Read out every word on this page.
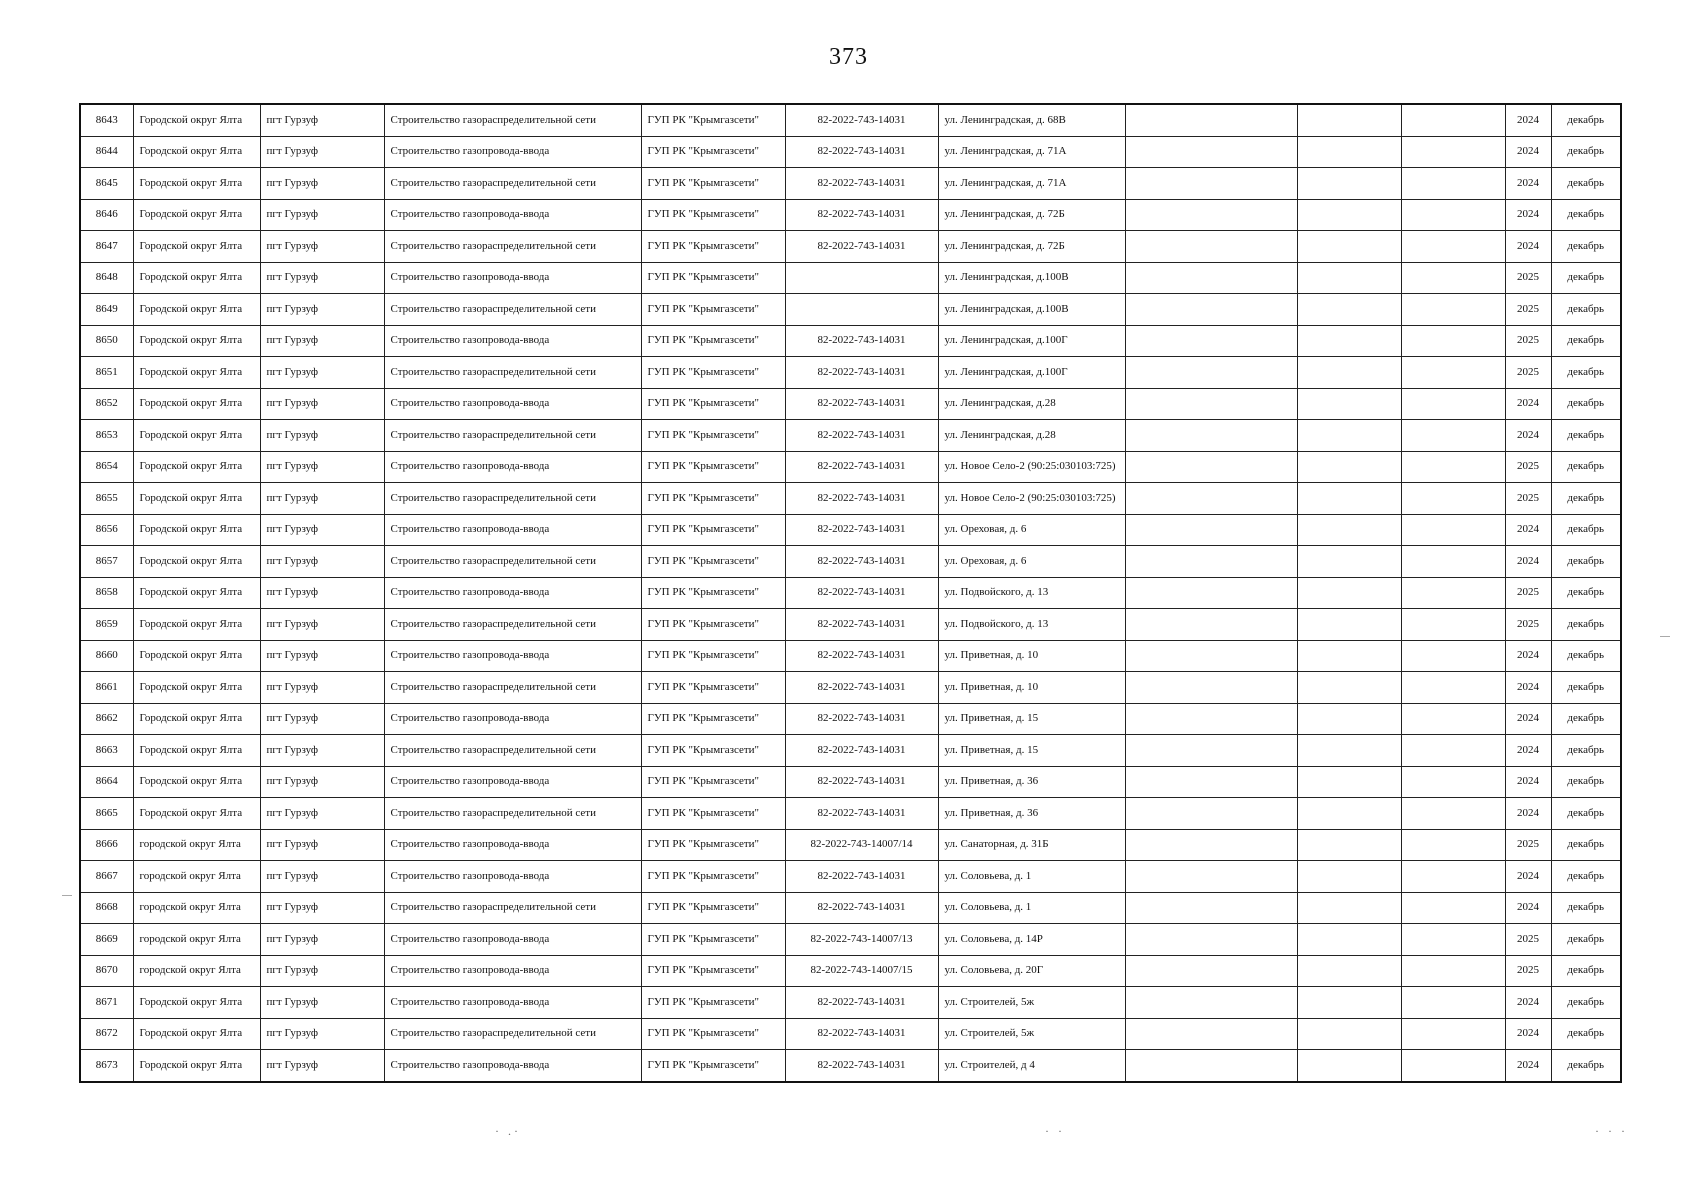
373
8643	Городской округ Ялта	пгт Гурзуф	Строительство газораспределительной сети	ГУП РК "Крымгазсети"	82-2022-743-14031	ул. Ленинградская, д. 68В				2024	декабрь
8644	Городской округ Ялта	пгт Гурзуф	Строительство газопровода-ввода	ГУП РК "Крымгазсети"	82-2022-743-14031	ул. Ленинградская, д. 71А				2024	декабрь
8645	Городской округ Ялта	пгт Гурзуф	Строительство газораспределительной сети	ГУП РК "Крымгазсети"	82-2022-743-14031	ул. Ленинградская, д. 71А				2024	декабрь
8646	Городской округ Ялта	пгт Гурзуф	Строительство газопровода-ввода	ГУП РК "Крымгазсети"	82-2022-743-14031	ул. Ленинградская, д. 72Б				2024	декабрь
8647	Городской округ Ялта	пгт Гурзуф	Строительство газораспределительной сети	ГУП РК "Крымгазсети"	82-2022-743-14031	ул. Ленинградская, д. 72Б				2024	декабрь
8648	Городской округ Ялта	пгт Гурзуф	Строительство газопровода-ввода	ГУП РК "Крымгазсети"		ул. Ленинградская, д.100В				2025	декабрь
8649	Городской округ Ялта	пгт Гурзуф	Строительство газораспределительной сети	ГУП РК "Крымгазсети"		ул. Ленинградская, д.100В				2025	декабрь
8650	Городской округ Ялта	пгт Гурзуф	Строительство газопровода-ввода	ГУП РК "Крымгазсети"	82-2022-743-14031	ул. Ленинградская, д.100Г				2025	декабрь
8651	Городской округ Ялта	пгт Гурзуф	Строительство газораспределительной сети	ГУП РК "Крымгазсети"	82-2022-743-14031	ул. Ленинградская, д.100Г				2025	декабрь
8652	Городской округ Ялта	пгт Гурзуф	Строительство газопровода-ввода	ГУП РК "Крымгазсети"	82-2022-743-14031	ул. Ленинградская, д.28				2024	декабрь
8653	Городской округ Ялта	пгт Гурзуф	Строительство газораспределительной сети	ГУП РК "Крымгазсети"	82-2022-743-14031	ул. Ленинградская, д.28				2024	декабрь
8654	Городской округ Ялта	пгт Гурзуф	Строительство газопровода-ввода	ГУП РК "Крымгазсети"	82-2022-743-14031	ул. Новое Село-2 (90:25:030103:725)				2025	декабрь
8655	Городской округ Ялта	пгт Гурзуф	Строительство газораспределительной сети	ГУП РК "Крымгазсети"	82-2022-743-14031	ул. Новое Село-2 (90:25:030103:725)				2025	декабрь
8656	Городской округ Ялта	пгт Гурзуф	Строительство газопровода-ввода	ГУП РК "Крымгазсети"	82-2022-743-14031	ул. Ореховая, д. 6				2024	декабрь
8657	Городской округ Ялта	пгт Гурзуф	Строительство газораспределительной сети	ГУП РК "Крымгазсети"	82-2022-743-14031	ул. Ореховая, д. 6				2024	декабрь
8658	Городской округ Ялта	пгт Гурзуф	Строительство газопровода-ввода	ГУП РК "Крымгазсети"	82-2022-743-14031	ул. Подвойского, д. 13				2025	декабрь
8659	Городской округ Ялта	пгт Гурзуф	Строительство газораспределительной сети	ГУП РК "Крымгазсети"	82-2022-743-14031	ул. Подвойского, д. 13				2025	декабрь
8660	Городской округ Ялта	пгт Гурзуф	Строительство газопровода-ввода	ГУП РК "Крымгазсети"	82-2022-743-14031	ул. Приветная, д. 10				2024	декабрь
8661	Городской округ Ялта	пгт Гурзуф	Строительство газораспределительной сети	ГУП РК "Крымгазсети"	82-2022-743-14031	ул. Приветная, д. 10				2024	декабрь
8662	Городской округ Ялта	пгт Гурзуф	Строительство газопровода-ввода	ГУП РК "Крымгазсети"	82-2022-743-14031	ул. Приветная, д. 15				2024	декабрь
8663	Городской округ Ялта	пгт Гурзуф	Строительство газораспределительной сети	ГУП РК "Крымгазсети"	82-2022-743-14031	ул. Приветная, д. 15				2024	декабрь
8664	Городской округ Ялта	пгт Гурзуф	Строительство газопровода-ввода	ГУП РК "Крымгазсети"	82-2022-743-14031	ул. Приветная, д. 36				2024	декабрь
8665	Городской округ Ялта	пгт Гурзуф	Строительство газораспределительной сети	ГУП РК "Крымгазсети"	82-2022-743-14031	ул. Приветная, д. 36				2024	декабрь
8666	городской округ Ялта	пгт Гурзуф	Строительство газопровода-ввода	ГУП РК "Крымгазсети"	82-2022-743-14007/14	ул. Санаторная, д. 31Б				2025	декабрь
8667	городской округ Ялта	пгт Гурзуф	Строительство газопровода-ввода	ГУП РК "Крымгазсети"	82-2022-743-14031	ул. Соловьева, д. 1				2024	декабрь
8668	городской округ Ялта	пгт Гурзуф	Строительство газораспределительной сети	ГУП РК "Крымгазсети"	82-2022-743-14031	ул. Соловьева, д. 1				2024	декабрь
8669	городской округ Ялта	пгт Гурзуф	Строительство газопровода-ввода	ГУП РК "Крымгазсети"	82-2022-743-14007/13	ул. Соловьева, д. 14Р				2025	декабрь
8670	городской округ Ялта	пгт Гурзуф	Строительство газопровода-ввода	ГУП РК "Крымгазсети"	82-2022-743-14007/15	ул. Соловьева, д. 20Г				2025	декабрь
8671	Городской округ Ялта	пгт Гурзуф	Строительство газопровода-ввода	ГУП РК "Крымгазсети"	82-2022-743-14031	ул. Строителей, 5ж				2024	декабрь
8672	Городской округ Ялта	пгт Гурзуф	Строительство газораспределительной сети	ГУП РК "Крымгазсети"	82-2022-743-14031	ул. Строителей, 5ж				2024	декабрь
8673	Городской округ Ялта	пгт Гурзуф	Строительство газопровода-ввода	ГУП РК "Крымгазсети"	82-2022-743-14031	ул. Строителей, д 4				2024	декабрь
· .·	· ·	· · ·
